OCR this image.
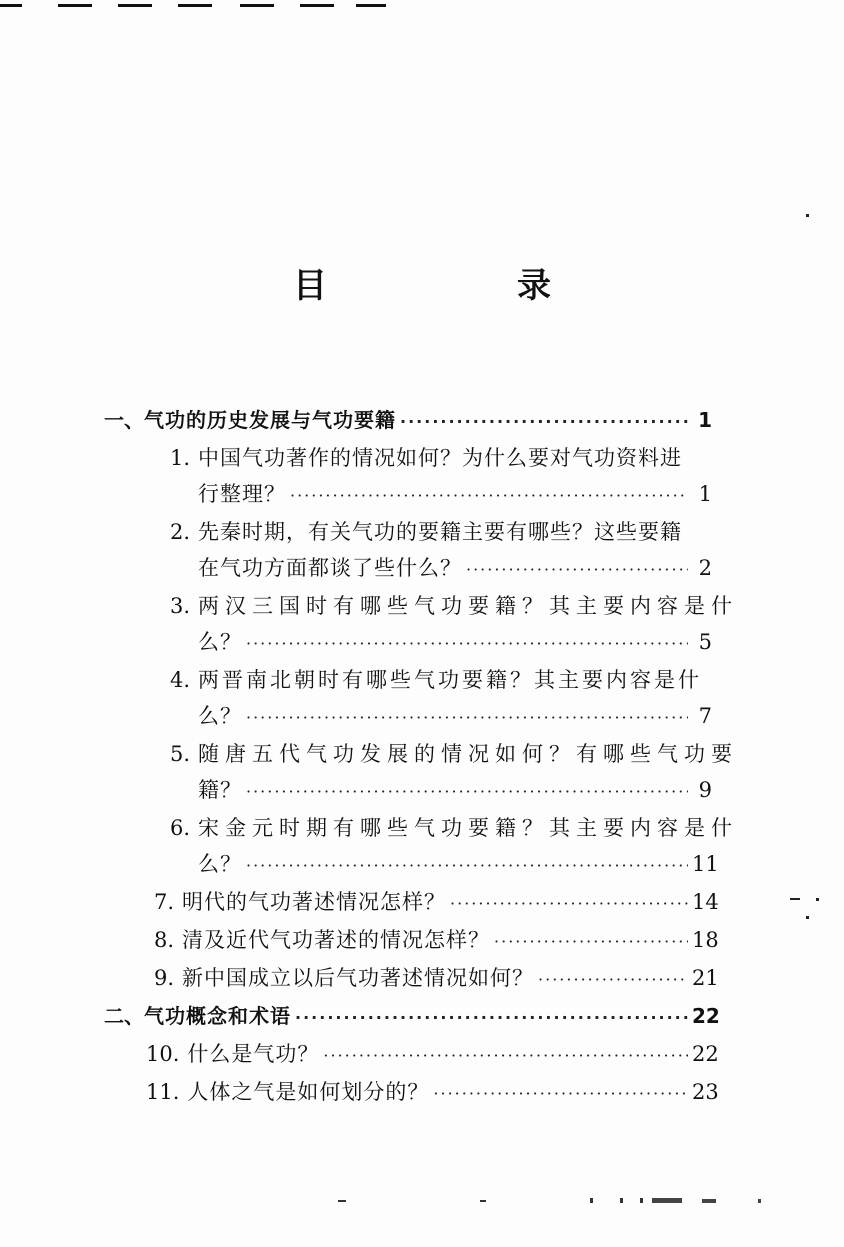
目　录
一、 气功的历史发展与气功要籍 ·····	1
1. 中国气功著作的情况如何？为什么要对气功资料进
行整理？ ·····	1
2. 先秦时期，有关气功的要籍主要有哪些？这些要籍
在气功方面都谈了些什么？ ·····	2
3. 两汉三国时有哪些气功要籍？其主要内容是什
么？ ·····	5
4. 两晋南北朝时有哪些气功要籍？其主要内容是什
么？ ·····	7
5. 随唐五代气功发展的情况如何？有哪些气功要
籍？ ·····	9
6. 宋金元时期有哪些气功要籍？其主要内容是什
么？ ·····	11
7. 明代的气功著述情况怎样？ ·····	14
8. 清及近代气功著述的情况怎样？ ·····	18
9. 新中国成立以后气功著述情况如何？ ·····	21
二、 气功概念和术语 ·····	22
10. 什么是气功？ ·····	22
11. 人体之气是如何划分的？ ·····	23
